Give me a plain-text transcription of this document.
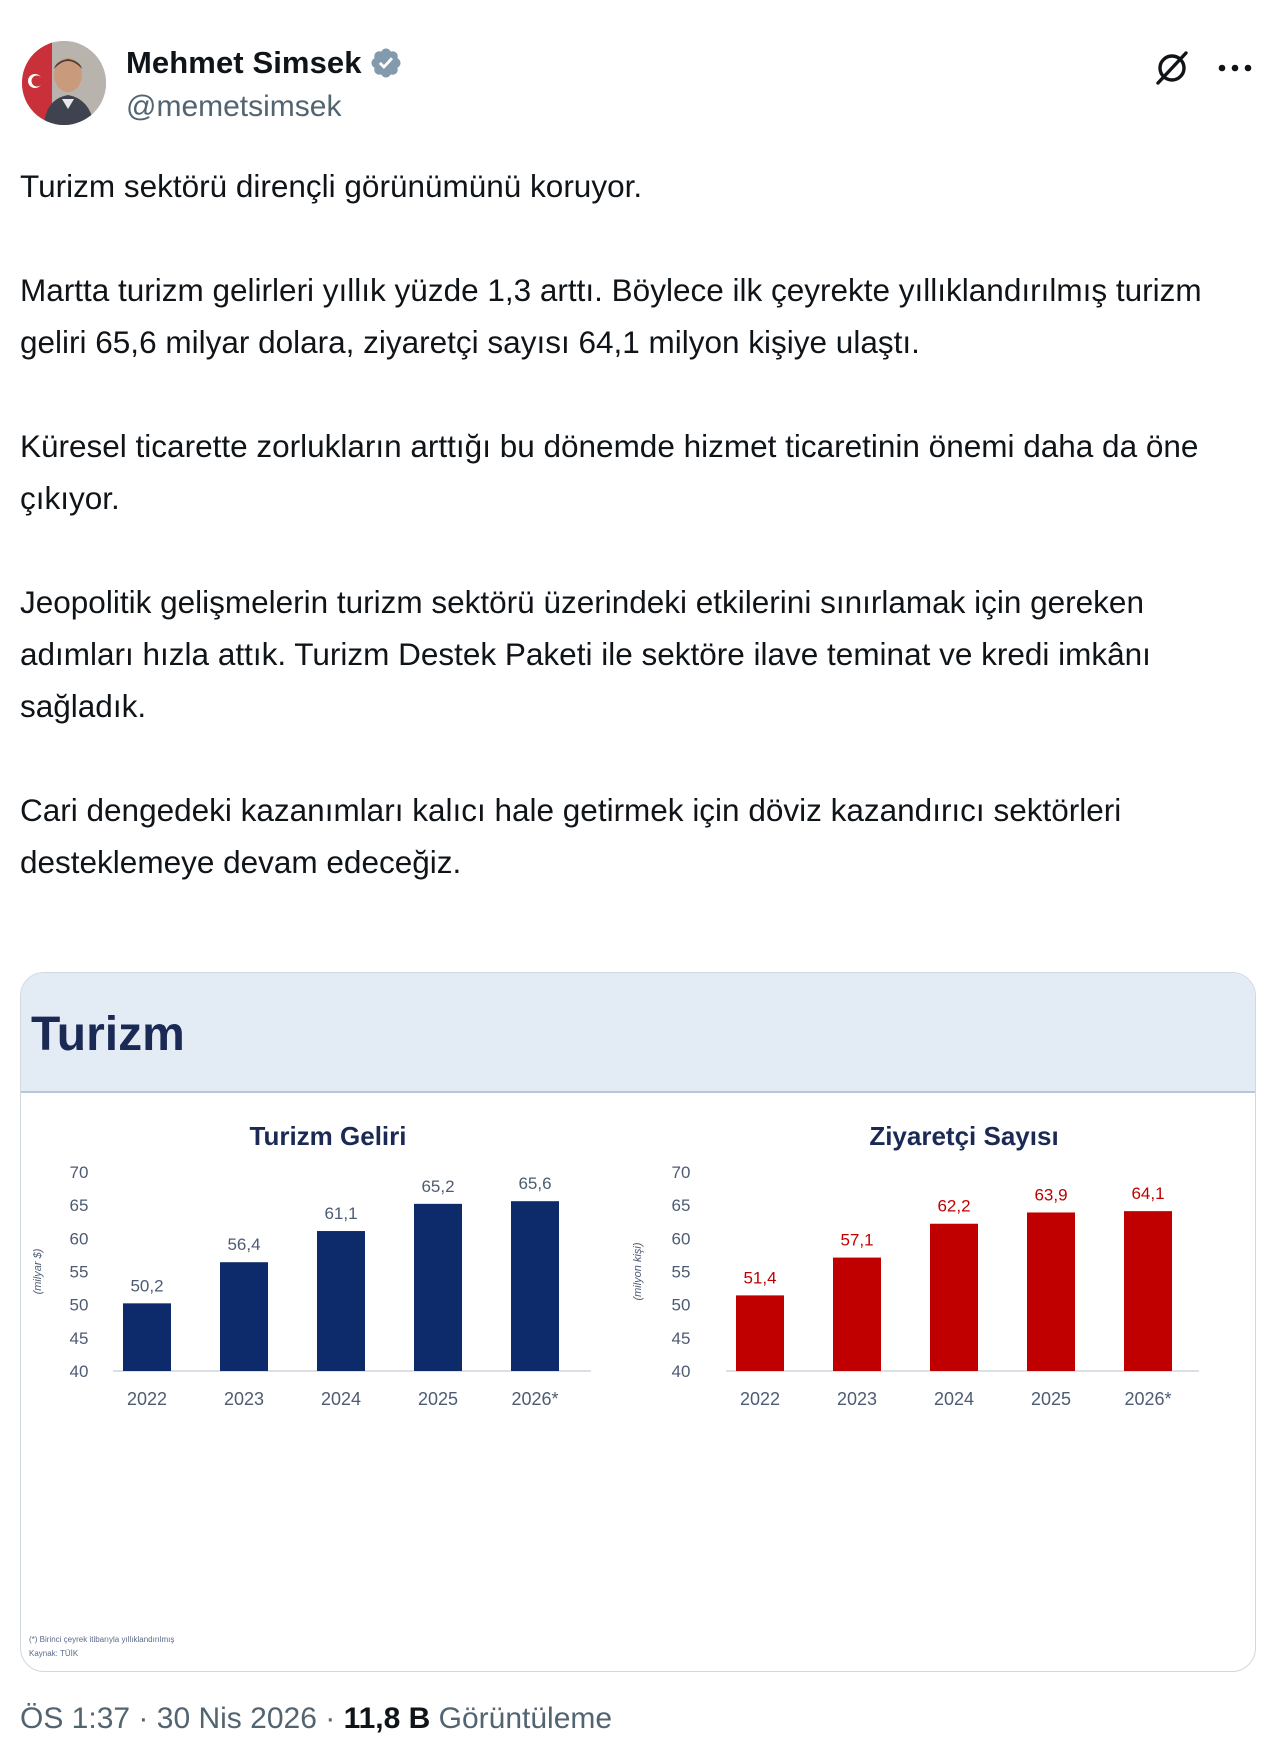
Mehmet Simsek
@memetsimsek

Turizm sektörü dirençli görünümünü koruyor.

Martta turizm gelirleri yıllık yüzde 1,3 arttı. Böylece ilk çeyrekte yıllıklandırılmış turizm geliri 65,6 milyar dolara, ziyaretçi sayısı 64,1 milyon kişiye ulaştı.

Küresel ticarette zorlukların arttığı bu dönemde hizmet ticaretinin önemi daha da öne çıkıyor.

Jeopolitik gelişmelerin turizm sektörü üzerindeki etkilerini sınırlamak için gereken adımları hızla attık. Turizm Destek Paketi ile sektöre ilave teminat ve kredi imkânı sağladık.

Cari dengedeki kazanımları kalıcı hale getirmek için döviz kazandırıcı sektörleri desteklemeye devam edeceğiz.

Turizm
Turizm Geliri
40
45
50
55
60
65
70
(milyar $)	50,2
2022
56,4
2023
61,1
2024
65,2
2025
65,6
2026*
Ziyaretçi Sayısı
40
45
50
55
60
65
70
(milyon kişi)	51,4
2022
57,1
2023
62,2
2024
63,9
2025
64,1
2026*
(*) Birinci çeyrek itibarıyla yıllıklandırılmış
Kaynak: TÜİK
ÖS 1:37 · 30 Nis 2026 · 11,8 B Görüntüleme
